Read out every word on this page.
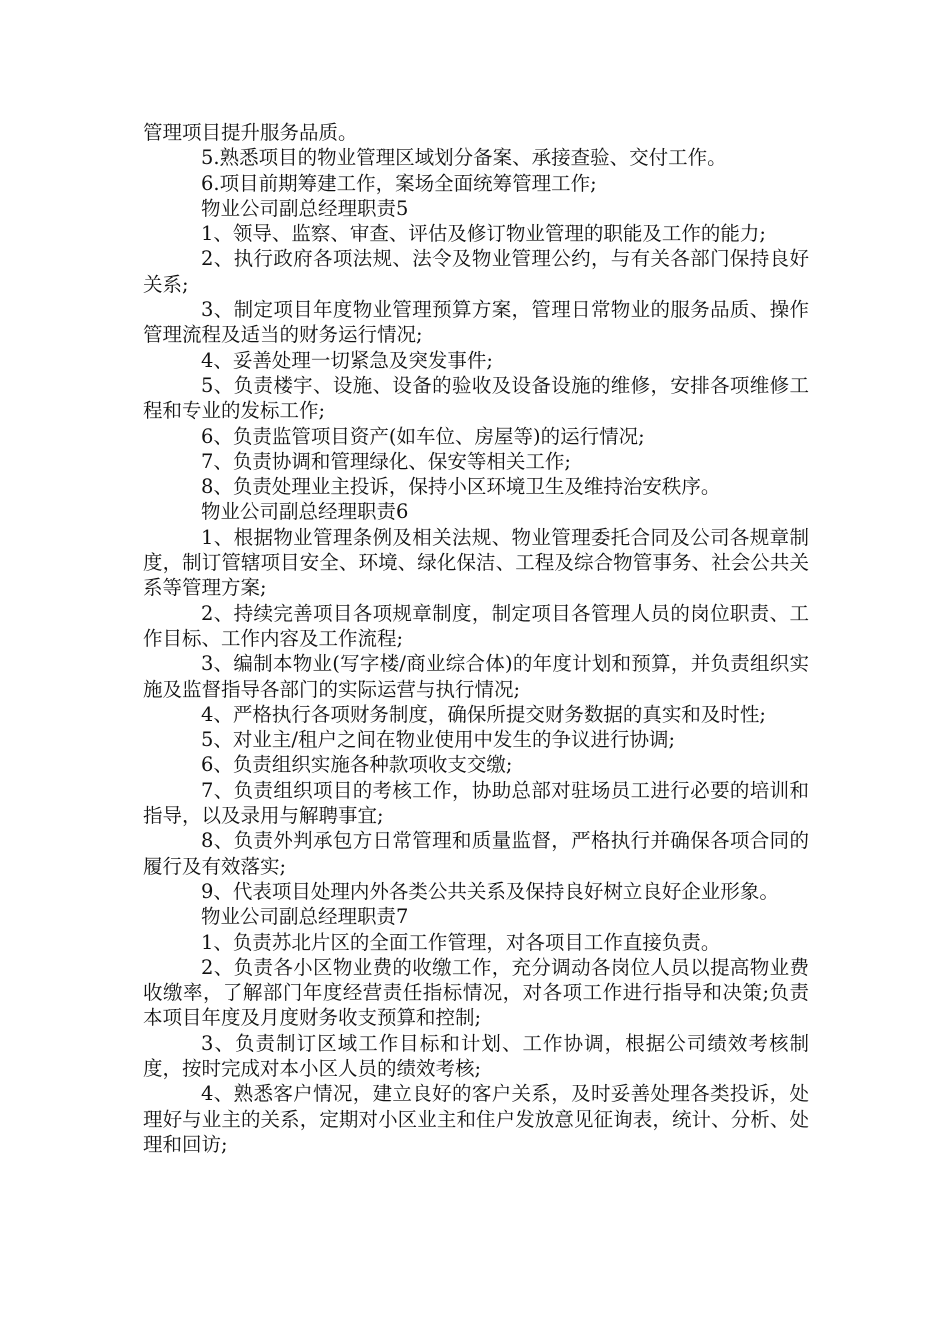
管理项目提升服务品质。

5.熟悉项目的物业管理区域划分备案、承接查验、交付工作。

6.项目前期筹建工作，案场全面统筹管理工作;

物业公司副总经理职责5

1、领导、监察、审查、评估及修订物业管理的职能及工作的能力;

2、执行政府各项法规、法令及物业管理公约，与有关各部门保持良好关系;

3、制定项目年度物业管理预算方案，管理日常物业的服务品质、操作管理流程及适当的财务运行情况;

4、妥善处理一切紧急及突发事件;

5、负责楼宇、设施、设备的验收及设备设施的维修，安排各项维修工程和专业的发标工作;

6、负责监管项目资产(如车位、房屋等)的运行情况;

7、负责协调和管理绿化、保安等相关工作;

8、负责处理业主投诉，保持小区环境卫生及维持治安秩序。

物业公司副总经理职责6

1、根据物业管理条例及相关法规、物业管理委托合同及公司各规章制度，制订管辖项目安全、环境、绿化保洁、工程及综合物管事务、社会公共关系等管理方案;

2、持续完善项目各项规章制度，制定项目各管理人员的岗位职责、工作目标、工作内容及工作流程;

3、编制本物业(写字楼/商业综合体)的年度计划和预算，并负责组织实施及监督指导各部门的实际运营与执行情况;

4、严格执行各项财务制度，确保所提交财务数据的真实和及时性;

5、对业主/租户之间在物业使用中发生的争议进行协调;

6、负责组织实施各种款项收支交缴;

7、负责组织项目的考核工作，协助总部对驻场员工进行必要的培训和指导，以及录用与解聘事宜;

8、负责外判承包方日常管理和质量监督，严格执行并确保各项合同的履行及有效落实;

9、代表项目处理内外各类公共关系及保持良好树立良好企业形象。

物业公司副总经理职责7

1、负责苏北片区的全面工作管理，对各项目工作直接负责。

2、负责各小区物业费的收缴工作，充分调动各岗位人员以提高物业费收缴率，了解部门年度经营责任指标情况，对各项工作进行指导和决策;负责本项目年度及月度财务收支预算和控制;

3、负责制订区域工作目标和计划、工作协调，根据公司绩效考核制度，按时完成对本小区人员的绩效考核;

4、熟悉客户情况，建立良好的客户关系，及时妥善处理各类投诉，处理好与业主的关系，定期对小区业主和住户发放意见征询表，统计、分析、处理和回访;
